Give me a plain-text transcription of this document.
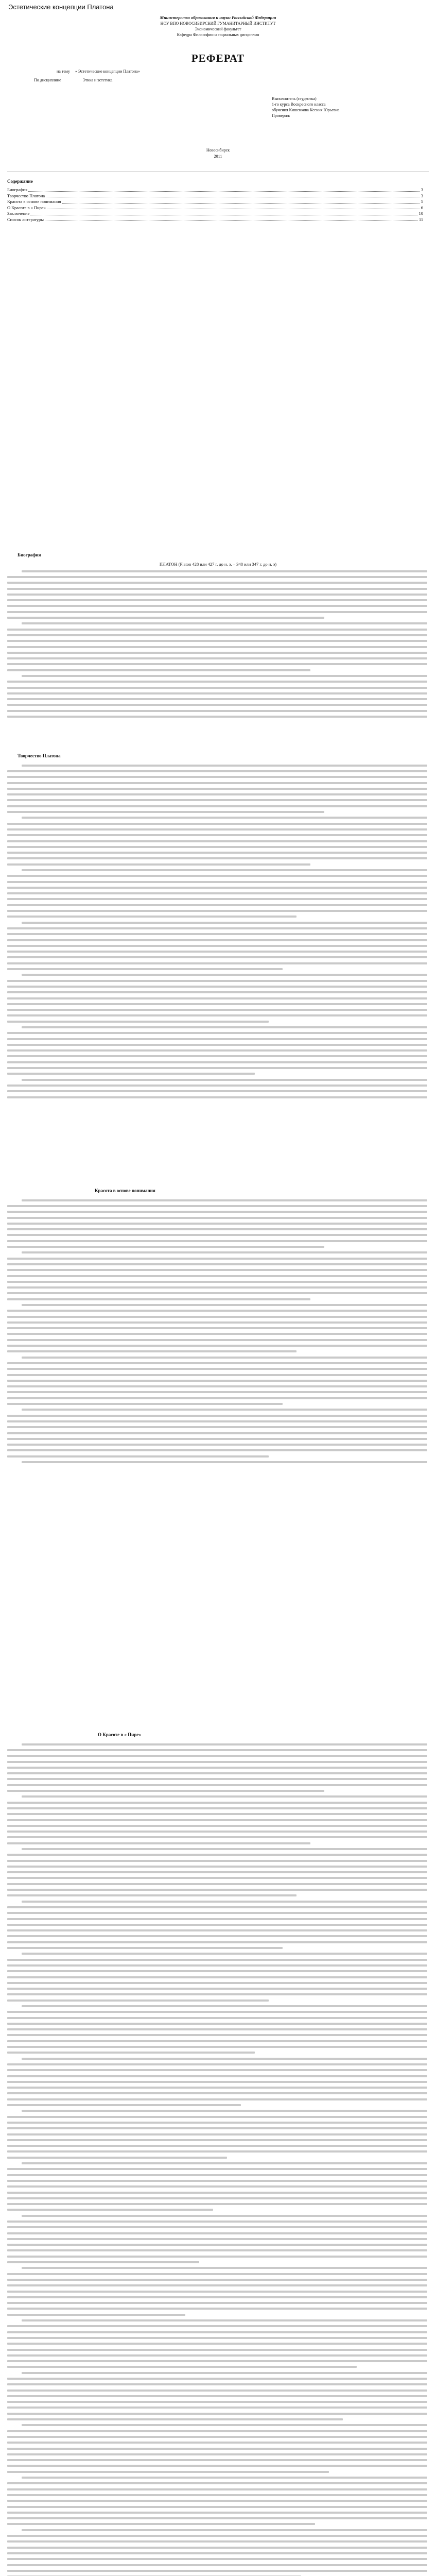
Эстетические концепции Платона
Министерство образования и науки Российской Федерации
НОУ ВПО НОВОСИБИРСКИЙ ГУМАНИТАРНЫЙ ИНСТИТУТ
Экономический факультет
Кафедра Философии и социальных дисциплин
РЕФЕРАТ
на тему « Эстетические концепции Платона»
По дисциплине	Этика и эстетика
Выполнитель (студентка)
1-го курса Воскресного класса
обучения Кишенкова Ксения Юрьевна
Проверил:
Новосибирск
2011
Содержание
Биография	3
Творчество Платона	3
Красота в основе понимания	5
О Красоте в « Пире»	6
Заключение	10
Список литературы	11
Биография
ПЛАТОН (Platon 428 или 427 г. до н. э. – 348 или 347 г. до н. э)
Творчество Платона
Красота в основе понимания
О Красоте в « Пире»
